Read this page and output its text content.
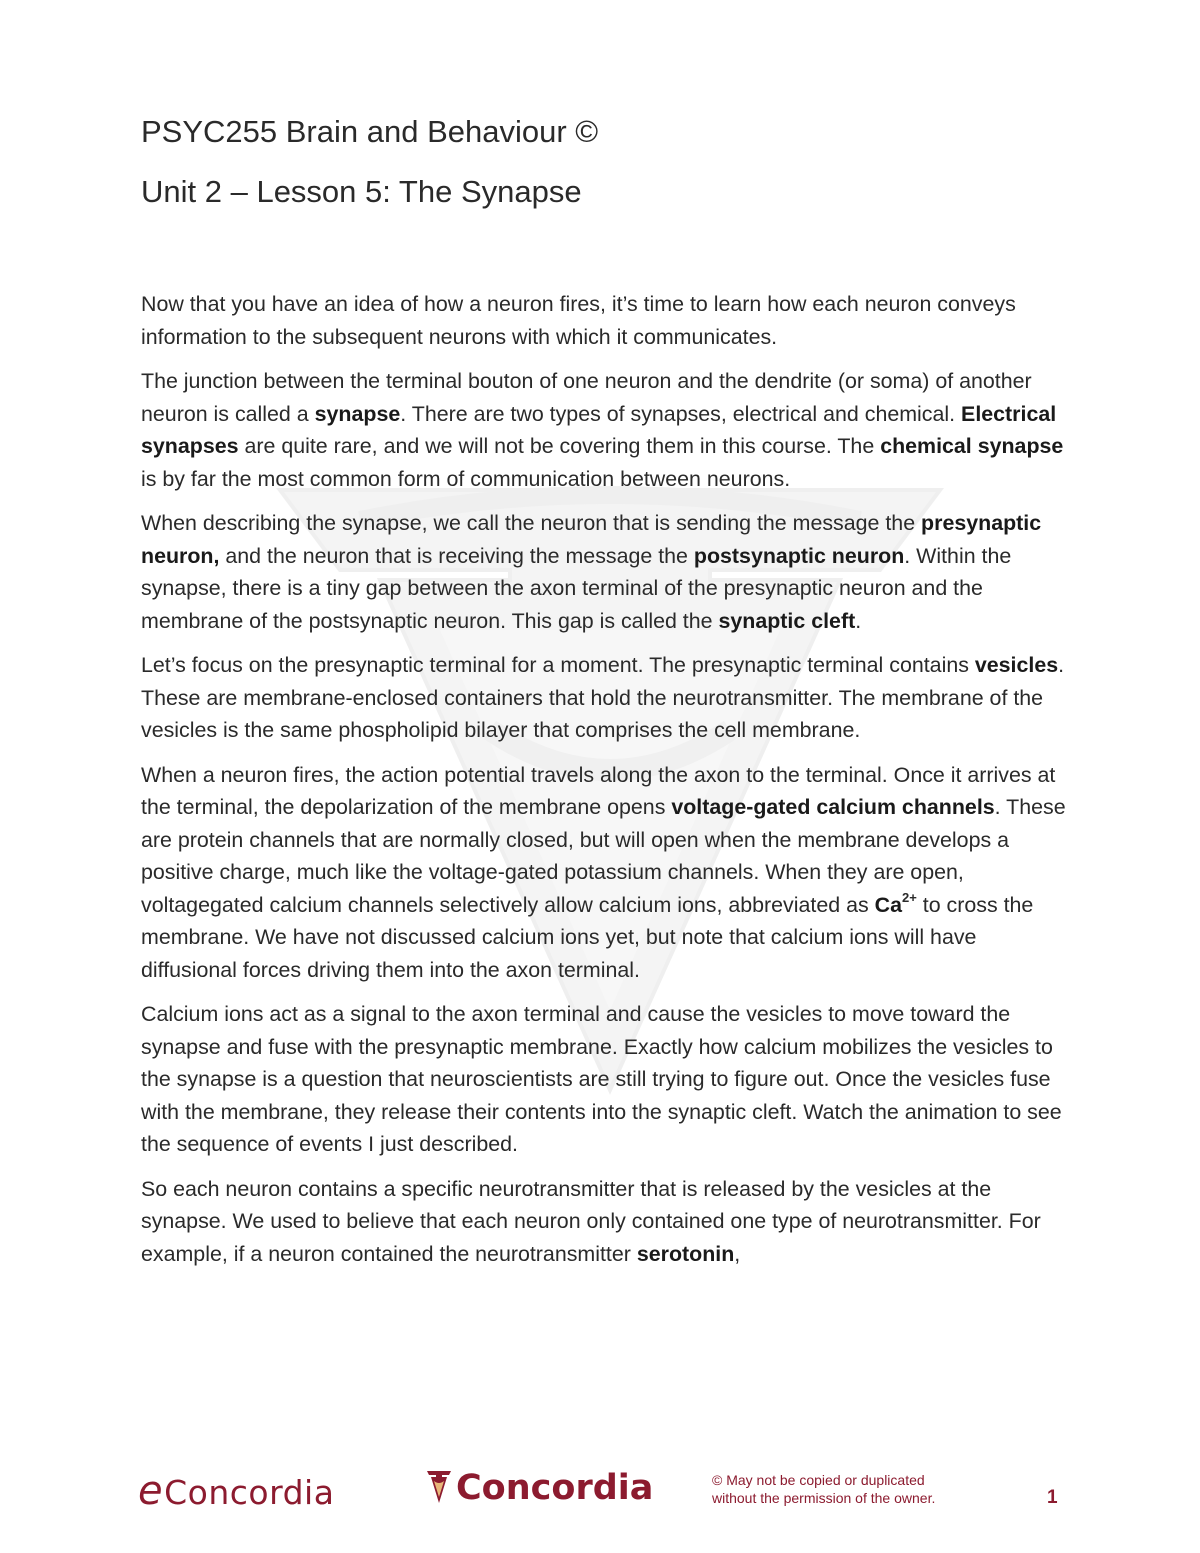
PSYC255 Brain and Behaviour ©
Unit 2 – Lesson 5: The Synapse

Now that you have an idea of how a neuron fires, it’s time to learn how each neuron conveys information to the subsequent neurons with which it communicates.

The junction between the terminal bouton of one neuron and the dendrite (or soma) of another neuron is called a synapse. There are two types of synapses, electrical and chemical. Electrical synapses are quite rare, and we will not be covering them in this course. The chemical synapse is by far the most common form of communication between neurons.

When describing the synapse, we call the neuron that is sending the message the presynaptic neuron, and the neuron that is receiving the message the postsynaptic neuron. Within the synapse, there is a tiny gap between the axon terminal of the presynaptic neuron and the membrane of the postsynaptic neuron. This gap is called the synaptic cleft.

Let’s focus on the presynaptic terminal for a moment. The presynaptic terminal contains vesicles. These are membrane-enclosed containers that hold the neurotransmitter. The membrane of the vesicles is the same phospholipid bilayer that comprises the cell membrane.

When a neuron fires, the action potential travels along the axon to the terminal. Once it arrives at the terminal, the depolarization of the membrane opens voltage-gated calcium channels. These are protein channels that are normally closed, but will open when the membrane develops a positive charge, much like the voltage-gated potassium channels. When they are open, voltagegated calcium channels selectively allow calcium ions, abbreviated as $Ca^{2+}$ to cross the membrane. We have not discussed calcium ions yet, but note that calcium ions will have diffusional forces driving them into the axon terminal.

Calcium ions act as a signal to the axon terminal and cause the vesicles to move toward the synapse and fuse with the presynaptic membrane. Exactly how calcium mobilizes the vesicles to the synapse is a question that neuroscientists are still trying to figure out. Once the vesicles fuse with the membrane, they release their contents into the synaptic cleft. Watch the animation to see the sequence of events I just described.

So each neuron contains a specific neurotransmitter that is released by the vesicles at the synapse. We used to believe that each neuron only contained one type of neurotransmitter. For example, if a neuron contained the neurotransmitter serotonin,

eConcordia	Concordia	© May not be copied or duplicated
without the permission of the owner.	1
